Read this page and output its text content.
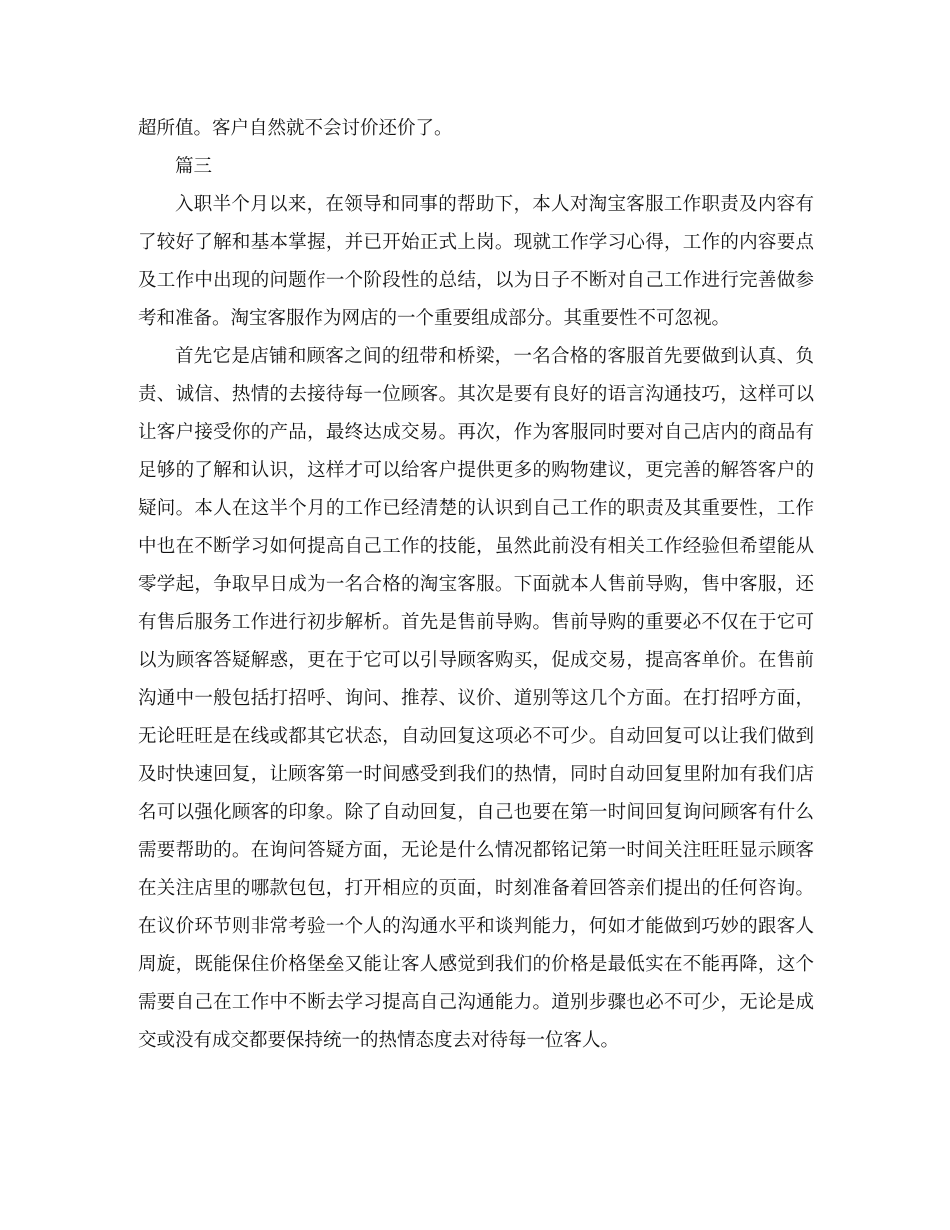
超所值。客户自然就不会讨价还价了。

篇三

入职半个月以来，在领导和同事的帮助下，本人对淘宝客服工作职责及内容有了较好了解和基本掌握，并已开始正式上岗。现就工作学习心得，工作的内容要点及工作中出现的问题作一个阶段性的总结，以为日子不断对自己工作进行完善做参考和准备。淘宝客服作为网店的一个重要组成部分。其重要性不可忽视。

首先它是店铺和顾客之间的纽带和桥梁，一名合格的客服首先要做到认真、负责、诚信、热情的去接待每一位顾客。其次是要有良好的语言沟通技巧，这样可以让客户接受你的产品，最终达成交易。再次，作为客服同时要对自己店内的商品有足够的了解和认识，这样才可以给客户提供更多的购物建议，更完善的解答客户的疑问。本人在这半个月的工作已经清楚的认识到自己工作的职责及其重要性，工作中也在不断学习如何提高自己工作的技能，虽然此前没有相关工作经验但希望能从零学起，争取早日成为一名合格的淘宝客服。下面就本人售前导购，售中客服，还有售后服务工作进行初步解析。首先是售前导购。售前导购的重要必不仅在于它可以为顾客答疑解惑，更在于它可以引导顾客购买，促成交易，提高客单价。在售前沟通中一般包括打招呼、询问、推荐、议价、道别等这几个方面。在打招呼方面，无论旺旺是在线或都其它状态，自动回复这项必不可少。自动回复可以让我们做到及时快速回复，让顾客第一时间感受到我们的热情，同时自动回复里附加有我们店名可以强化顾客的印象。除了自动回复，自己也要在第一时间回复询问顾客有什么需要帮助的。在询问答疑方面，无论是什么情况都铭记第一时间关注旺旺显示顾客在关注店里的哪款包包，打开相应的页面，时刻准备着回答亲们提出的任何咨询。在议价环节则非常考验一个人的沟通水平和谈判能力，何如才能做到巧妙的跟客人周旋，既能保住价格堡垒又能让客人感觉到我们的价格是最低实在不能再降，这个需要自己在工作中不断去学习提高自己沟通能力。道别步骤也必不可少，无论是成交或没有成交都要保持统一的热情态度去对待每一位客人。
